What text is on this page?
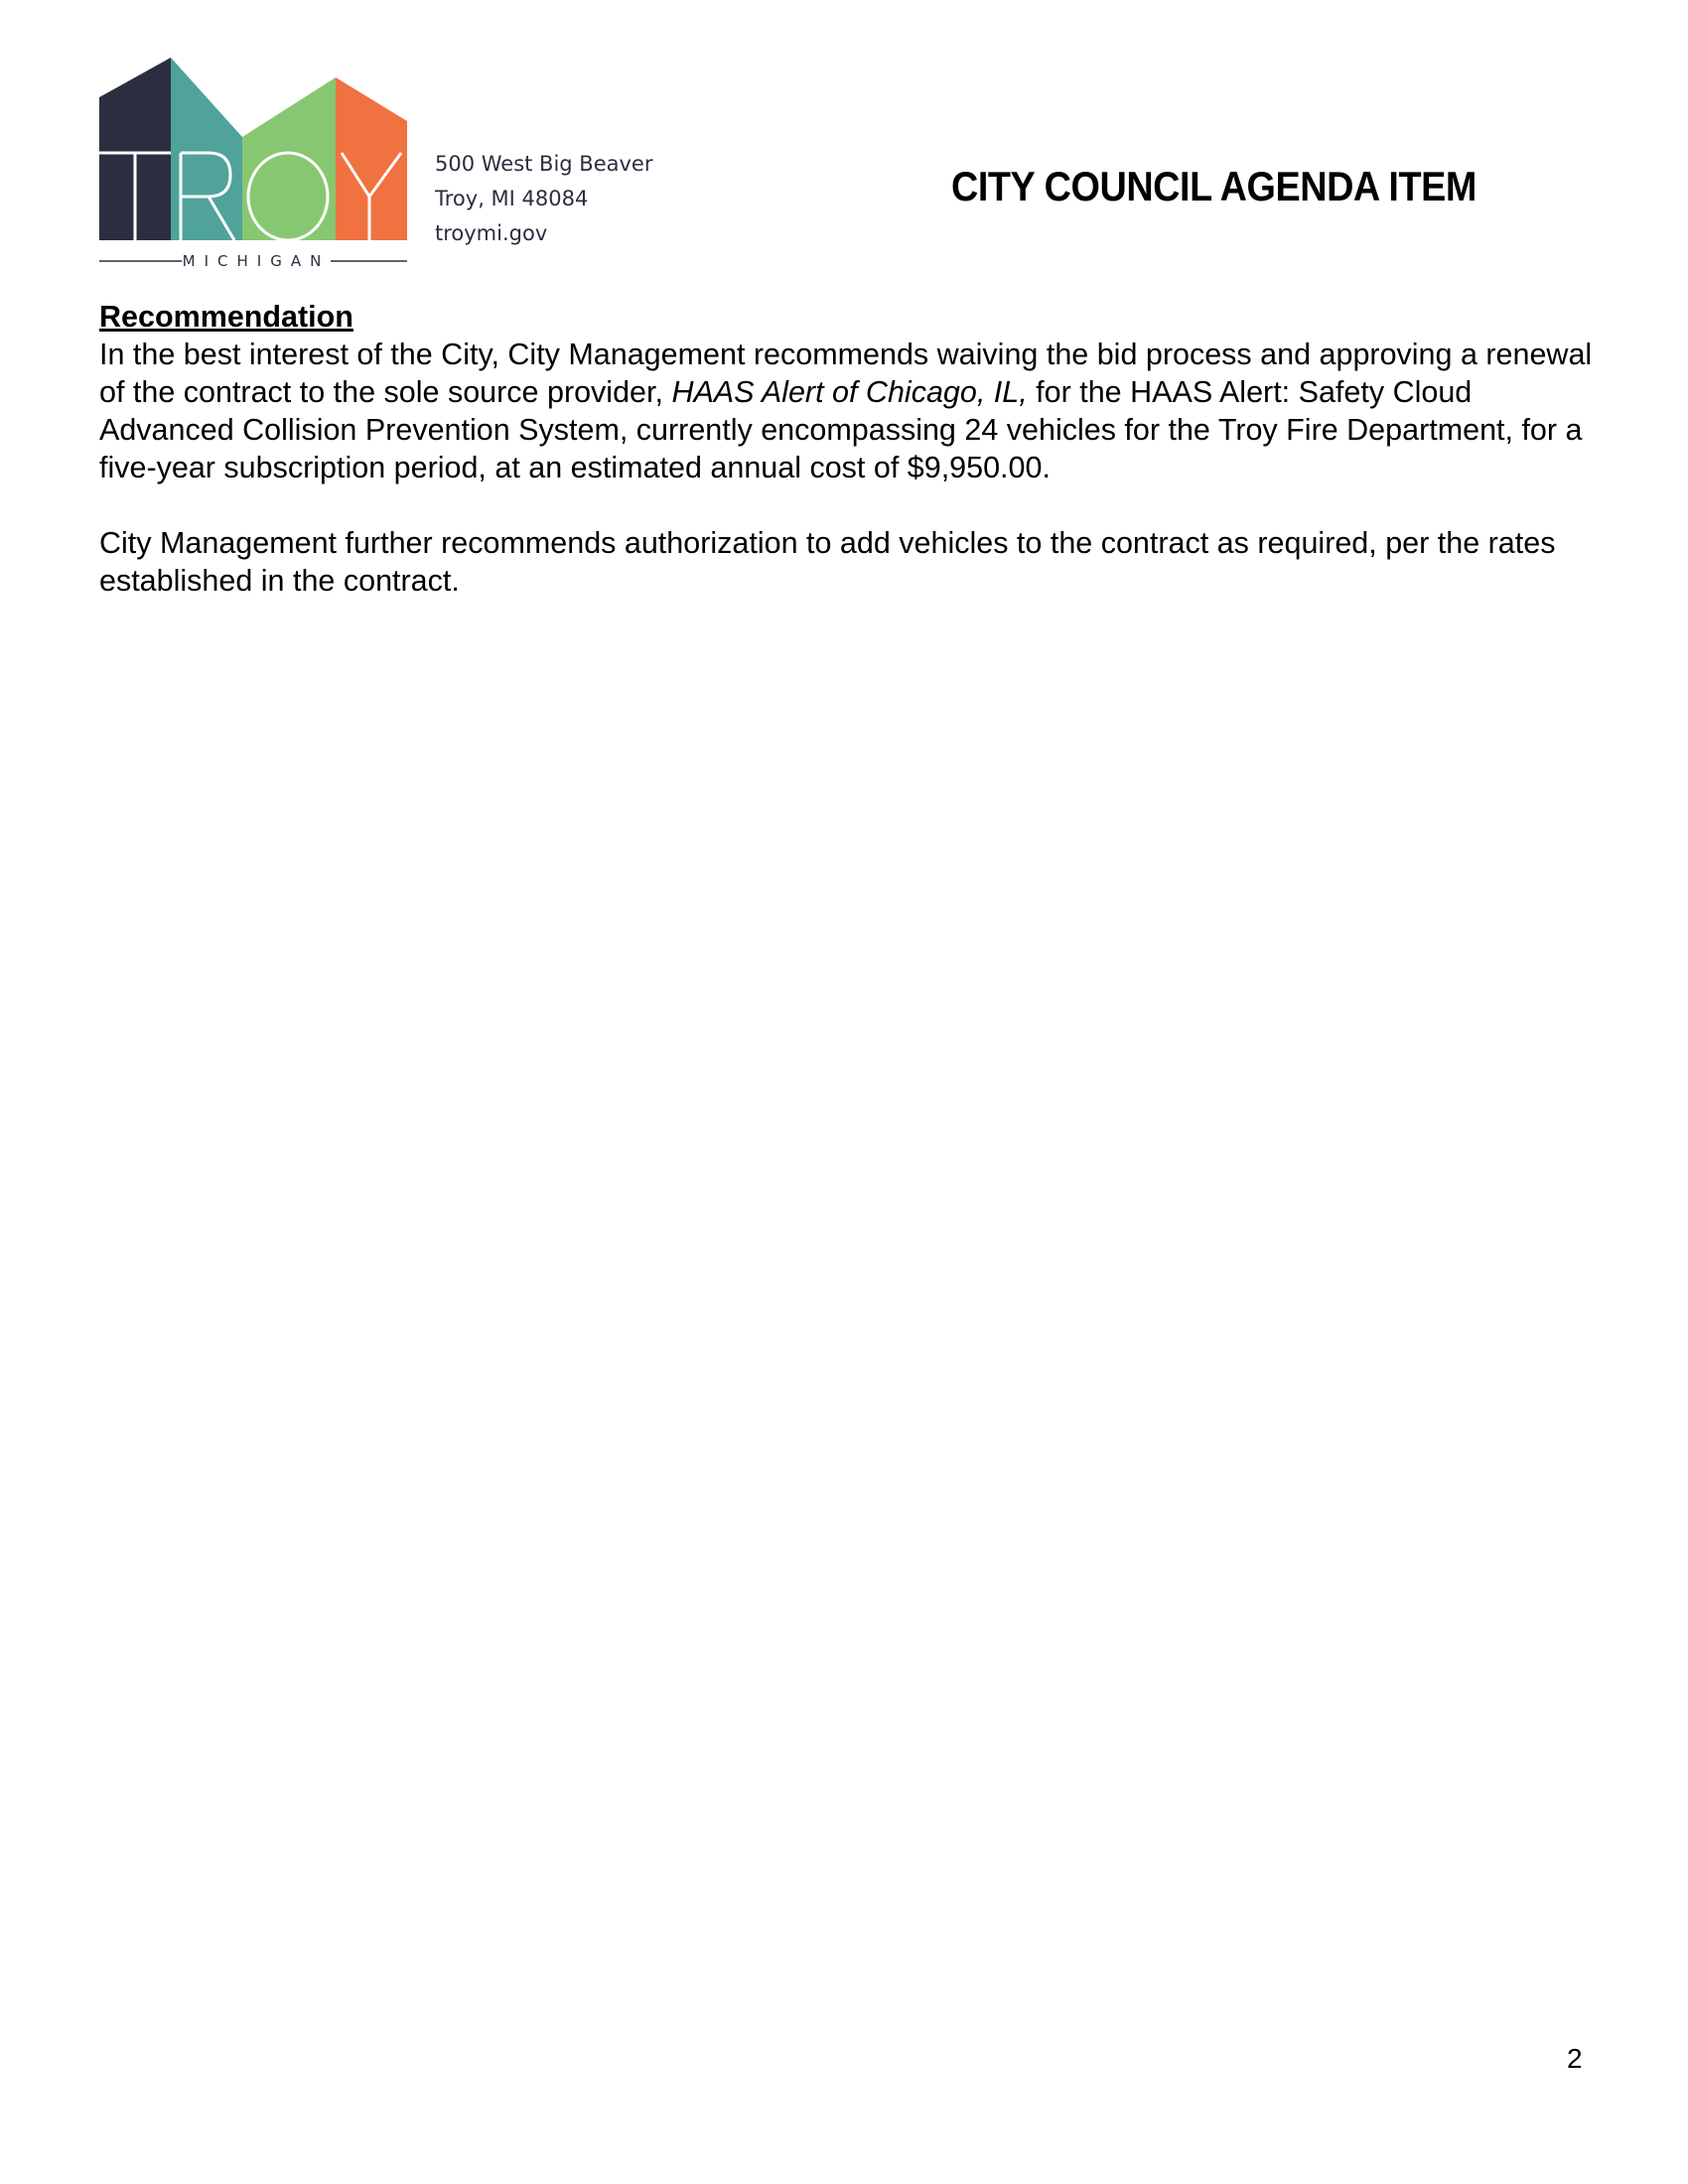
MICHIGAN
500 West Big Beaver
Troy, MI 48084
troymi.gov
CITY COUNCIL AGENDA ITEM

Recommendation

In the best interest of the City, City Management recommends waiving the bid process and approving a renewal of the contract to the sole source provider, HAAS Alert of Chicago, IL, for the HAAS Alert: Safety Cloud Advanced Collision Prevention System, currently encompassing 24 vehicles for the Troy Fire Department, for a five-year subscription period, at an estimated annual cost of $9,950.00.

City Management further recommends authorization to add vehicles to the contract as required, per the rates established in the contract.

2
